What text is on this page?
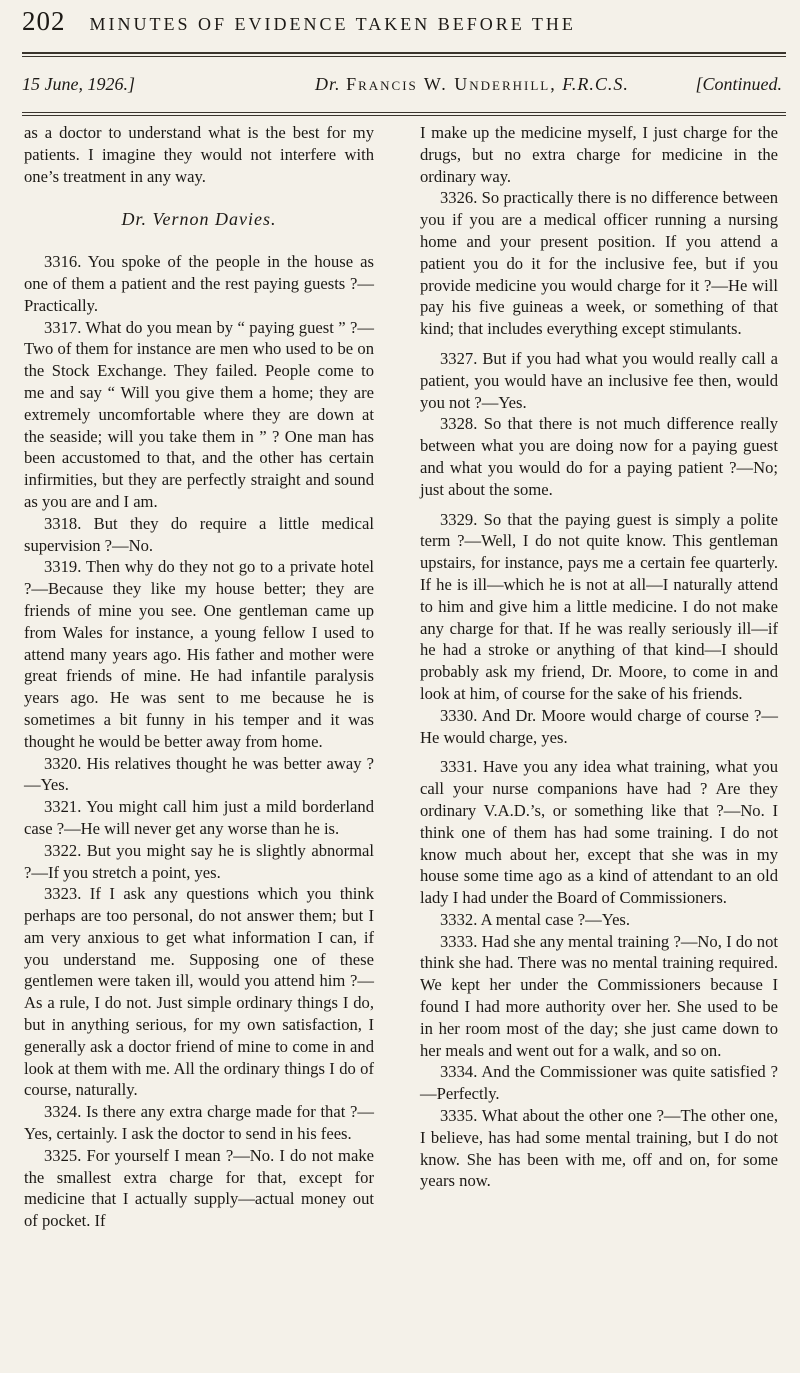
202 MINUTES OF EVIDENCE TAKEN BEFORE THE
15 June, 1926.]	Dr. Francis W. Underhill, F.R.C.S.	[Continued.

as a doctor to understand what is the best for my patients. I imagine they would not interfere with one’s treatment in any way.

Dr. Vernon Davies.

3316. You spoke of the people in the house as one of them a patient and the rest paying guests ?—Practically.

3317. What do you mean by “ paying guest ” ?—Two of them for instance are men who used to be on the Stock Exchange. They failed. People come to me and say “ Will you give them a home; they are extremely uncomfortable where they are down at the seaside; will you take them in ” ? One man has been accustomed to that, and the other has certain infirmities, but they are perfectly straight and sound as you are and I am.

3318. But they do require a little medical supervision ?—No.

3319. Then why do they not go to a private hotel ?—Because they like my house better; they are friends of mine you see. One gentleman came up from Wales for instance, a young fellow I used to attend many years ago. His father and mother were great friends of mine. He had infantile paralysis years ago. He was sent to me because he is sometimes a bit funny in his temper and it was thought he would be better away from home.

3320. His relatives thought he was better away ?—Yes.

3321. You might call him just a mild borderland case ?—He will never get any worse than he is.

3322. But you might say he is slightly abnormal ?—If you stretch a point, yes.

3323. If I ask any questions which you think perhaps are too personal, do not answer them; but I am very anxious to get what information I can, if you understand me. Supposing one of these gentlemen were taken ill, would you attend him ?—As a rule, I do not. Just simple ordinary things I do, but in anything serious, for my own satisfaction, I generally ask a doctor friend of mine to come in and look at them with me. All the ordinary things I do of course, naturally.

3324. Is there any extra charge made for that ?—Yes, certainly. I ask the doctor to send in his fees.

3325. For yourself I mean ?—No. I do not make the smallest extra charge for that, except for medicine that I actually supply—actual money out of pocket. If

I make up the medicine myself, I just charge for the drugs, but no extra charge for medicine in the ordinary way.

3326. So practically there is no difference between you if you are a medical officer running a nursing home and your present position. If you attend a patient you do it for the inclusive fee, but if you provide medicine you would charge for it ?—He will pay his five guineas a week, or something of that kind; that includes everything except stimulants.

3327. But if you had what you would really call a patient, you would have an inclusive fee then, would you not ?—Yes.

3328. So that there is not much difference really between what you are doing now for a paying guest and what you would do for a paying patient ?—No; just about the some.

3329. So that the paying guest is simply a polite term ?—Well, I do not quite know. This gentleman upstairs, for instance, pays me a certain fee quarterly. If he is ill—which he is not at all—I naturally attend to him and give him a little medicine. I do not make any charge for that. If he was really seriously ill—if he had a stroke or anything of that kind—I should probably ask my friend, Dr. Moore, to come in and look at him, of course for the sake of his friends.

3330. And Dr. Moore would charge of course ?—He would charge, yes.

3331. Have you any idea what training, what you call your nurse companions have had ? Are they ordinary V.A.D.’s, or something like that ?—No. I think one of them has had some training. I do not know much about her, except that she was in my house some time ago as a kind of attendant to an old lady I had under the Board of Commissioners.

3332. A mental case ?—Yes.

3333. Had she any mental training ?—No, I do not think she had. There was no mental training required. We kept her under the Commissioners because I found I had more authority over her. She used to be in her room most of the day; she just came down to her meals and went out for a walk, and so on.

3334. And the Commissioner was quite satisfied ?—Perfectly.

3335. What about the other one ?—The other one, I believe, has had some mental training, but I do not know. She has been with me, off and on, for some years now.
